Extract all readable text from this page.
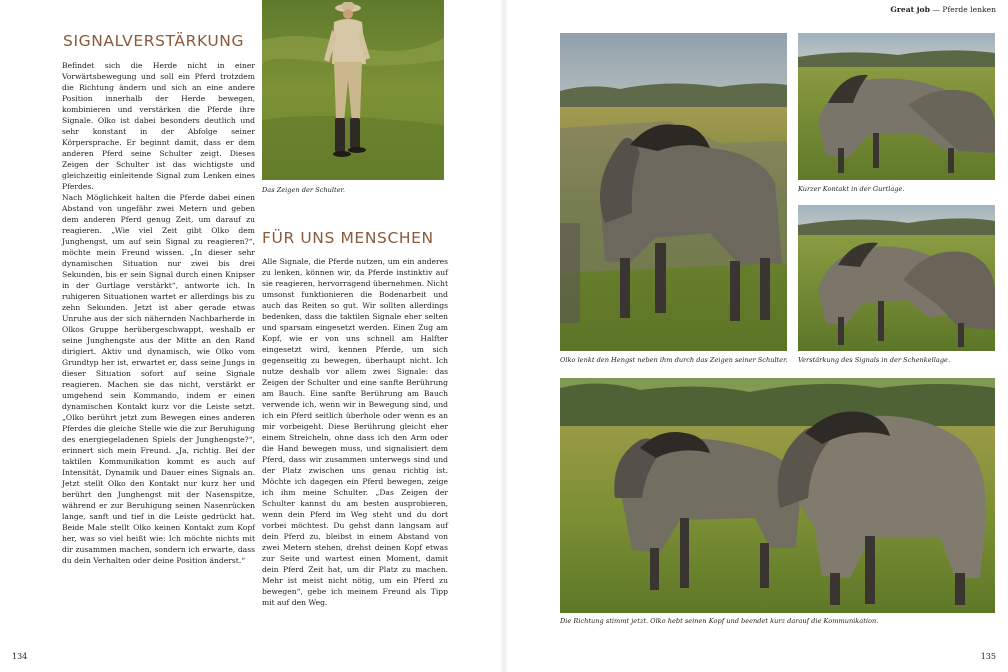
SIGNALVERSTÄRKUNG

Befindet sich die Herde nicht in einer Vorwärtsbewegung und soll ein Pferd trotzdem die Richtung ändern und sich an eine andere Position innerhalb der Herde bewegen, kombinieren und verstärken die Pferde ihre Signale. Olko ist dabei besonders deutlich und sehr konstant in der Abfolge seiner Körpersprache. Er beginnt damit, dass er dem anderen Pferd seine Schulter zeigt. Dieses Zeigen der Schulter ist das wichtigste und gleichzeitig einleitende Signal zum Lenken eines Pferdes.

Nach Möglichkeit halten die Pferde dabei einen Abstand von ungefähr zwei Metern und geben dem anderen Pferd genug Zeit, um darauf zu reagieren. „Wie viel Zeit gibt Olko dem Junghengst, um auf sein Signal zu reagieren?“, möchte mein Freund wissen. „In dieser sehr dynamischen Situation nur zwei bis drei Sekunden, bis er sein Signal durch einen Knipser in der Gurtlage verstärkt“, antworte ich. In ruhigeren Situationen wartet er allerdings bis zu zehn Sekunden. Jetzt ist aber gerade etwas Unruhe aus der sich nähernden Nachbarherde in Olkos Gruppe herübergeschwappt, weshalb er seine Junghengste aus der Mitte an den Rand dirigiert. Aktiv und dynamisch, wie Olko vom Grundtyp her ist, erwartet er, dass seine Jungs in dieser Situation sofort auf seine Signale reagieren. Machen sie das nicht, verstärkt er umgehend sein Kommando, indem er einen dynamischen Kontakt kurz vor die Leiste setzt. „Olko berührt jetzt zum Bewegen eines anderen Pferdes die gleiche Stelle wie die zur Beruhigung des energiegeladenen Spiels der Junghengste?“, erinnert sich mein Freund. „Ja, richtig. Bei der taktilen Kommunikation kommt es auch auf Intensität, Dynamik und Dauer eines Signals an. Jetzt stellt Olko den Kontakt nur kurz her und berührt den Junghengst mit der Nasenspitze, während er zur Beruhigung seinen Nasenrücken lange, sanft und tief in die Leiste gedrückt hat. Beide Male stellt Olko keinen Kontakt zum Kopf her, was so viel heißt wie: Ich möchte nichts mit dir zusammen machen, sondern ich erwarte, dass du dein Verhalten oder deine Position änderst.“

Das Zeigen der Schulter.

FÜR UNS MENSCHEN

Alle Signale, die Pferde nutzen, um ein anderes zu lenken, können wir, da Pferde instinktiv auf sie reagieren, hervorragend übernehmen. Nicht umsonst funktionieren die Bodenarbeit und auch das Reiten so gut. Wir sollten allerdings bedenken, dass die taktilen Signale eher selten und sparsam eingesetzt werden. Einen Zug am Kopf, wie er von uns schnell am Halfter eingesetzt wird, kennen Pferde, um sich gegenseitig zu bewegen, überhaupt nicht. Ich nutze deshalb vor allem zwei Signale: das Zeigen der Schulter und eine sanfte Berührung am Bauch. Eine sanfte Berührung am Bauch verwende ich, wenn wir in Bewegung sind, und ich ein Pferd seitlich überhole oder wenn es an mir vorbeigeht. Diese Berührung gleicht eher einem Streicheln, ohne dass ich den Arm oder die Hand bewegen muss, und signalisiert dem Pferd, dass wir zusammen unterwegs sind und der Platz zwischen uns genau richtig ist. Möchte ich dagegen ein Pferd bewegen, zeige ich ihm meine Schulter. „Das Zeigen der Schulter kannst du am besten ausprobieren, wenn dein Pferd im Weg steht und du dort vorbei möchtest. Du gehst dann langsam auf dein Pferd zu, bleibst in einem Abstand von zwei Metern stehen, drehst deinen Kopf etwas zur Seite und wartest einen Moment, damit dein Pferd Zeit hat, um dir Platz zu machen. Mehr ist meist nicht nötig, um ein Pferd zu bewegen“, gebe ich meinem Freund als Tipp mit auf den Weg.

134
Great job — Pferde lenken

Olko lenkt den Hengst neben ihm durch das Zeigen seiner Schulter.

Kurzer Kontakt in der Gurtlage.

Verstärkung des Signals in der Schenkellage.

Die Richtung stimmt jetzt. Olko hebt seinen Kopf und beendet kurz darauf die Kommunikation.

135
